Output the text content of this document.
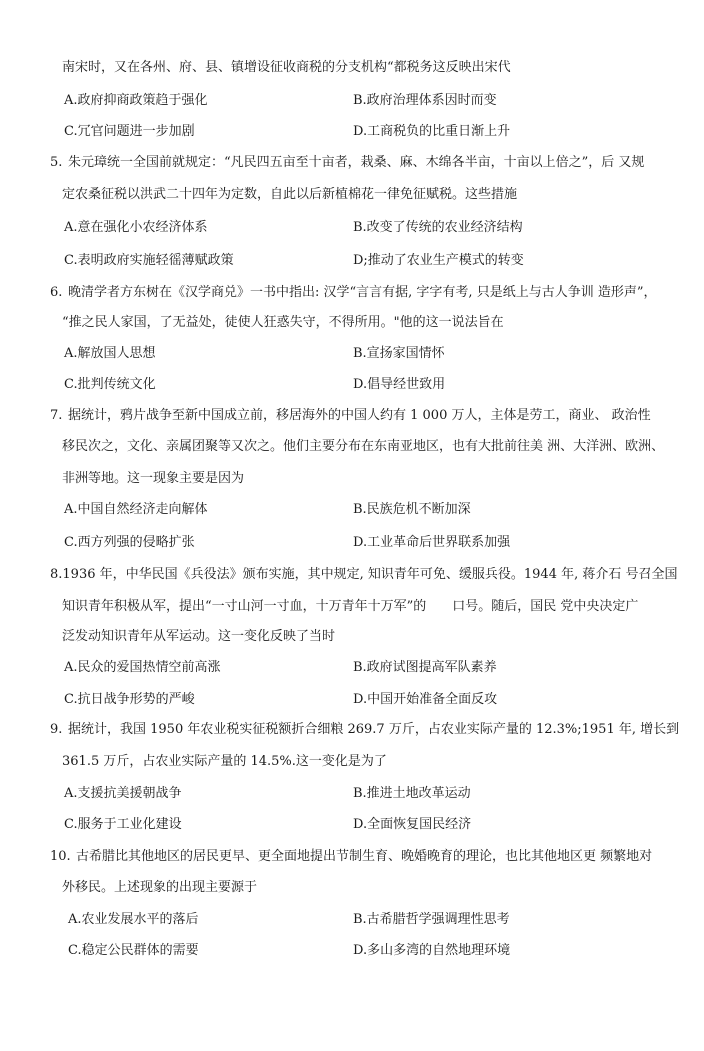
南宋时，又在各州、府、县、镇增设征收商税的分支机构“都税务这反映出宋代
A.政府抑商政策趋于强化	B.政府治理体系因时而变
C.冗官问题进一步加剧	D.工商税负的比重日渐上升
5. 朱元璋统一全国前就规定：“凡民四五亩至十亩者，栽桑、麻、木绵各半亩，十亩以上倍之”，后 又规
定农桑征税以洪武二十四年为定数，自此以后新植棉花一律免征赋税。这些措施
A.意在强化小农经济体系	B.改变了传统的农业经济结构
C.表明政府实施轻徭薄赋政策	D;推动了农业生产模式的转变
6. 晚清学者方东树在《汉学商兑》一书中指出: 汉学“言言有据, 字字有考, 只是纸上与古人争训 造形声”，
“推之民人家国，了无益处，徒使人狂惑失守，不得所用。"他的这一说法旨在
A.解放国人思想	B.宣扬家国情怀
C.批判传统文化	D.倡导经世致用
7. 据统计，鸦片战争至新中国成立前，移居海外的中国人约有 1 000 万人，主体是劳工，商业、 政治性
移民次之，文化、亲属团聚等又次之。他们主要分布在东南亚地区，也有大批前往美 洲、大洋洲、欧洲、
非洲等地。这一现象主要是因为
A.中国自然经济走向解体	B.民族危机不断加深
C.西方列强的侵略扩张	D.工业革命后世界联系加强
8.1936 年，中华民国《兵役法》颁布实施，其中规定, 知识青年可免、缓服兵役。1944 年, 蒋介石 号召全国
知识青年积极从军，提出“一寸山河一寸血，十万青年十万军”的　　口号。随后，国民 党中央决定广
泛发动知识青年从军运动。这一变化反映了当时
A.民众的爱国热情空前高涨	B.政府试图提高军队素养
C.抗日战争形势的严峻	D.中国开始准备全面反攻
9. 据统计，我国 1950 年农业税实征税额折合细粮 269.7 万斤，占农业实际产量的 12.3%;1951 年, 增长到
361.5 万斤，占农业实际产量的 14.5%.这一变化是为了
A.支援抗美援朝战争	B.推进土地改革运动
C.服务于工业化建设	D.全面恢复国民经济
10. 古希腊比其他地区的居民更早、更全面地提出节制生育、晚婚晚育的理论，也比其他地区更 频繁地对
外移民。上述现象的出现主要源于
A.农业发展水平的落后	B.古希腊哲学强调理性思考
C.稳定公民群体的需要	D.多山多湾的自然地理环境
